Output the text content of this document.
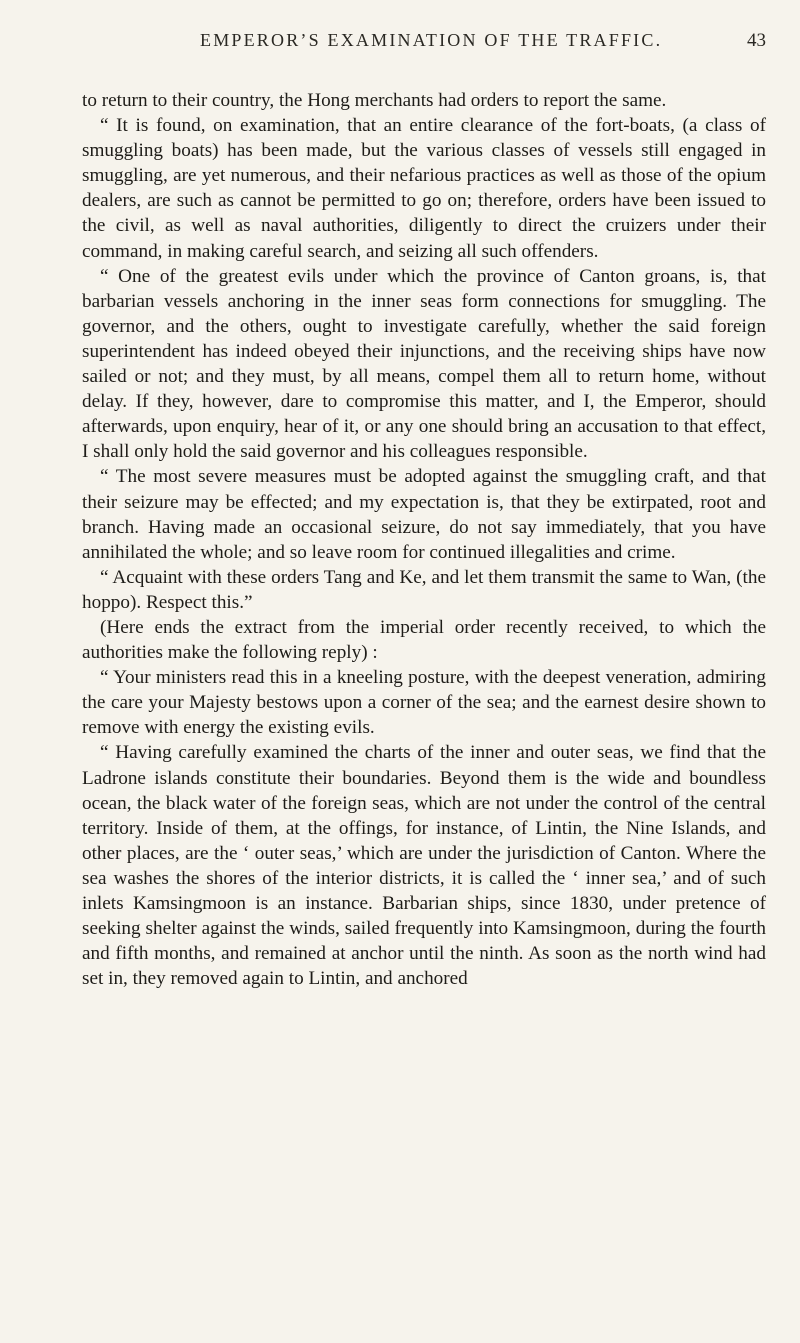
EMPEROR’S EXAMINATION OF THE TRAFFIC.	43

to return to their country, the Hong merchants had orders to report the same.

“ It is found, on examination, that an entire clearance of the fort-boats, (a class of smuggling boats) has been made, but the various classes of vessels still engaged in smuggling, are yet numerous, and their nefarious practices as well as those of the opium dealers, are such as cannot be permitted to go on; therefore, orders have been issued to the civil, as well as naval authorities, diligently to direct the cruizers under their command, in making careful search, and seizing all such offenders.

“ One of the greatest evils under which the province of Canton groans, is, that barbarian vessels anchoring in the inner seas form connections for smuggling. The governor, and the others, ought to investigate carefully, whether the said foreign superintendent has indeed obeyed their injunctions, and the receiving ships have now sailed or not; and they must, by all means, compel them all to return home, without delay. If they, however, dare to compromise this matter, and I, the Emperor, should afterwards, upon enquiry, hear of it, or any one should bring an accusation to that effect, I shall only hold the said governor and his colleagues responsible.

“ The most severe measures must be adopted against the smuggling craft, and that their seizure may be effected; and my expectation is, that they be extirpated, root and branch. Having made an occasional seizure, do not say immediately, that you have annihilated the whole; and so leave room for continued illegalities and crime.

“ Acquaint with these orders Tang and Ke, and let them transmit the same to Wan, (the hoppo). Respect this.”

(Here ends the extract from the imperial order recently received, to which the authorities make the following reply) :

“ Your ministers read this in a kneeling posture, with the deepest veneration, admiring the care your Majesty bestows upon a corner of the sea; and the earnest desire shown to remove with energy the existing evils.

“ Having carefully examined the charts of the inner and outer seas, we find that the Ladrone islands constitute their boundaries. Beyond them is the wide and boundless ocean, the black water of the foreign seas, which are not under the control of the central territory. Inside of them, at the offings, for instance, of Lintin, the Nine Islands, and other places, are the ‘ outer seas,’ which are under the jurisdiction of Canton. Where the sea washes the shores of the interior districts, it is called the ‘ inner sea,’ and of such inlets Kamsingmoon is an instance. Barbarian ships, since 1830, under pretence of seeking shelter against the winds, sailed frequently into Kamsingmoon, during the fourth and fifth months, and remained at anchor until the ninth. As soon as the north wind had set in, they removed again to Lintin, and anchored
